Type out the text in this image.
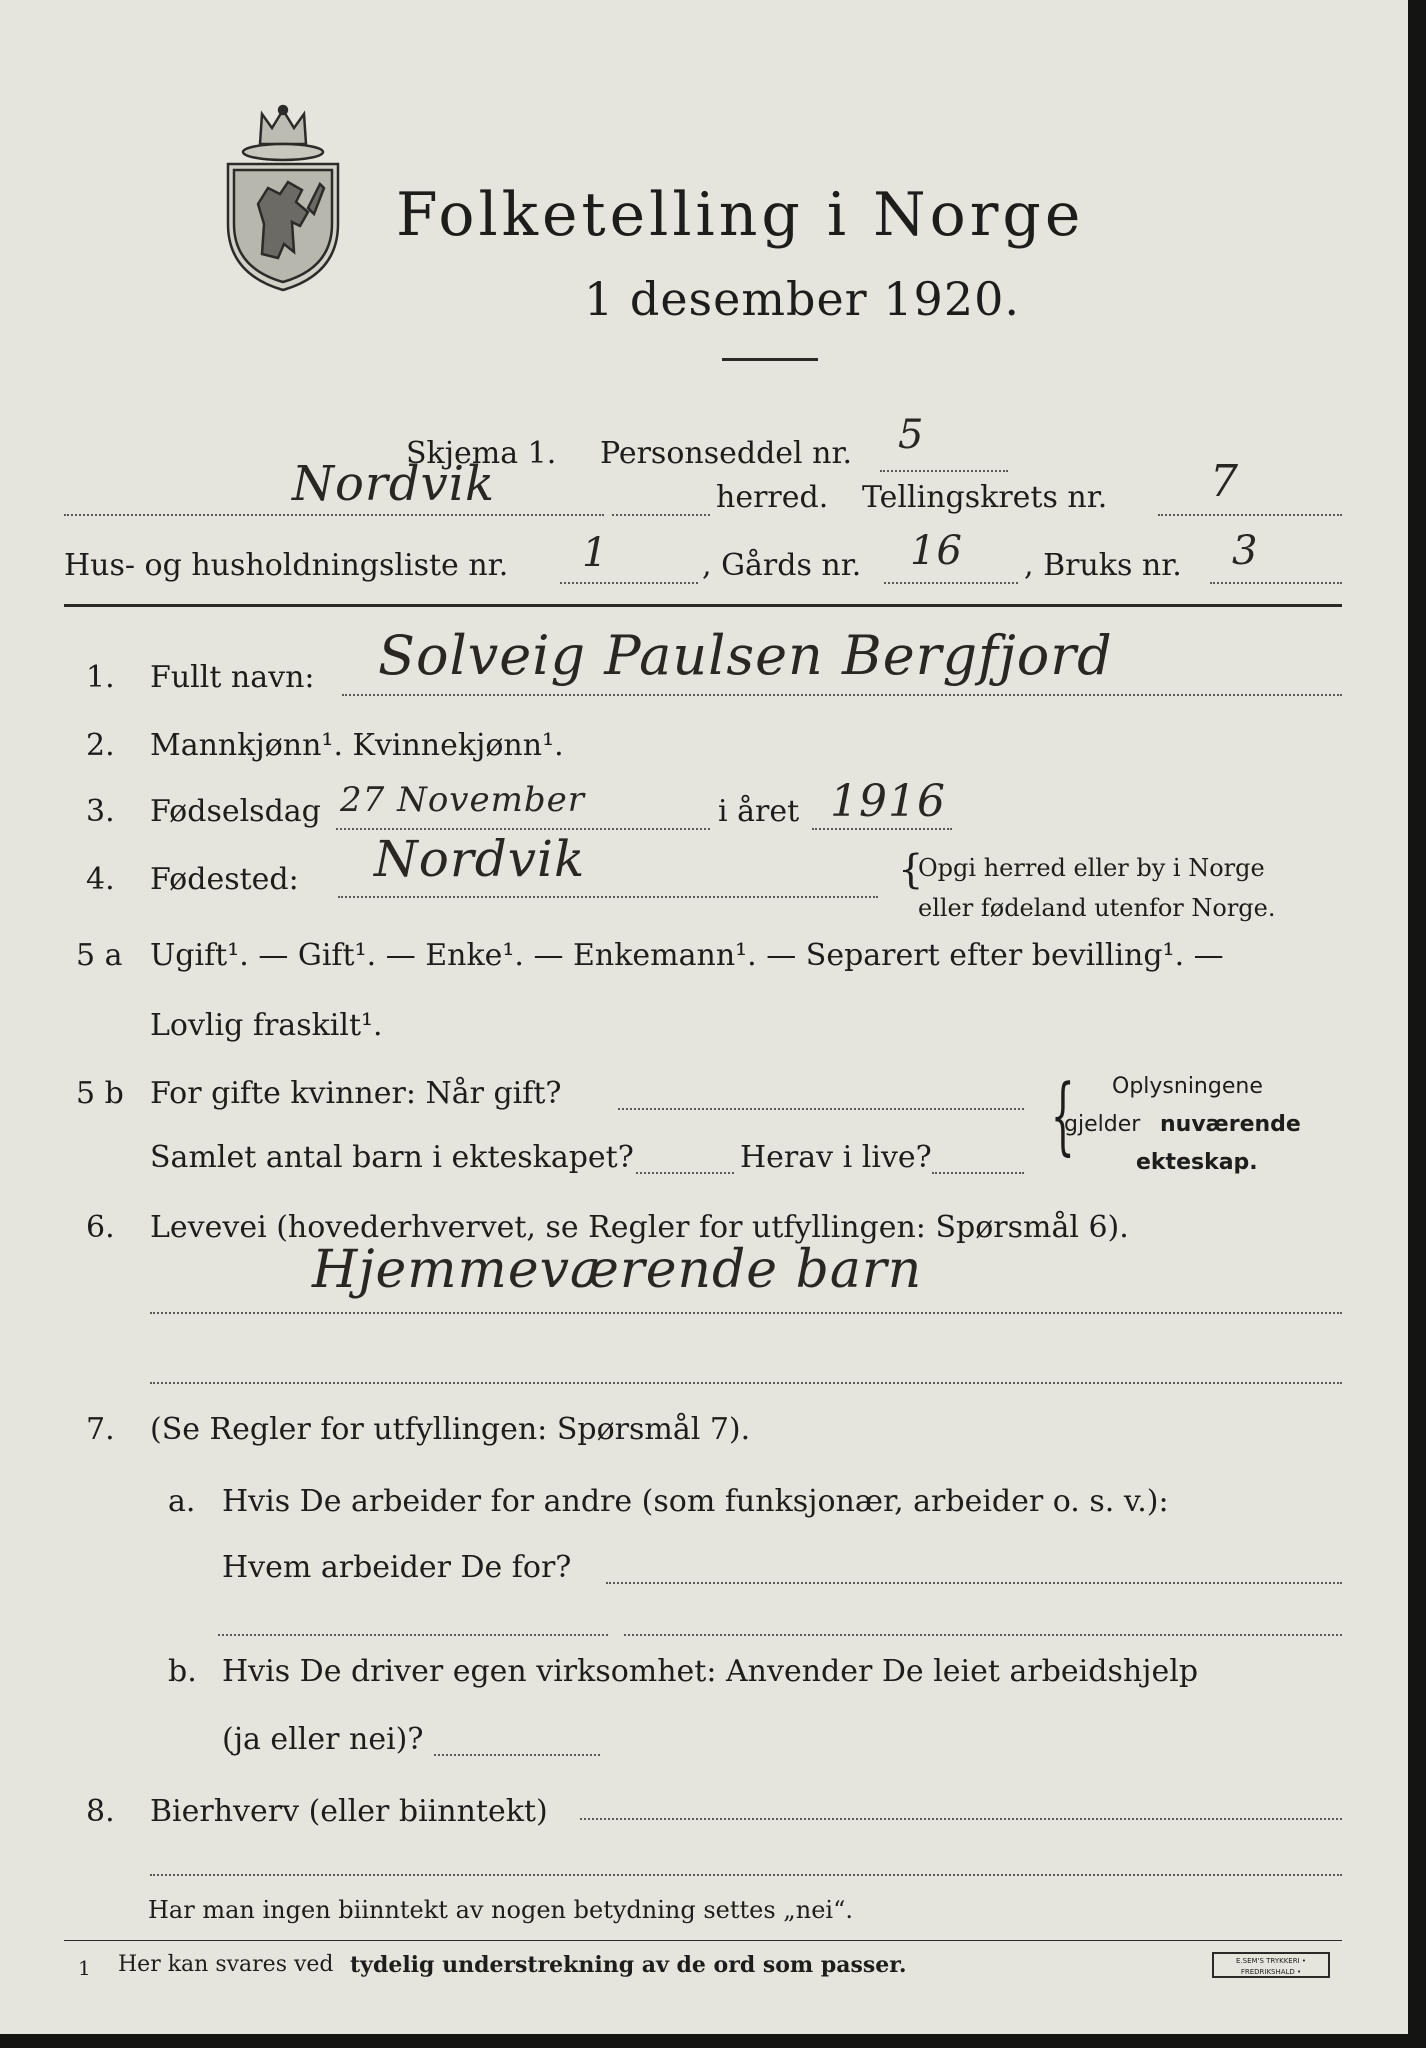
Folketelling i Norge
1 desember 1920.
Skjema 1. Personseddel nr. 5
Nordvik	herred. Tellingskrets nr. 7
Hus- og husholdningsliste nr. 1	, Gårds nr. 16 , Bruks nr. 3
1. Fullt navn: Solveig Paulsen Bergfjord
2. Mannkjønn¹. Kvinnekjønn¹.
3. Fødselsdag 27 November	i året 1916
4. Fødested: Nordvik	{
Opgi herred eller by i Norge
eller fødeland utenfor Norge.
5 a Ugift¹. — Gift¹. — Enke¹. — Enkemann¹. — Separert efter bevilling¹. —
Lovlig fraskilt¹.
5 b For gifte kvinner: Når gift?
Samlet antal barn i ekteskapet?	Herav i live? { Oplysningene
gjelder nuværende
ekteskap.
6. Levevei (hovederhvervet, se Regler for utfyllingen: Spørsmål 6).
Hjemmeværende barn
7. (Se Regler for utfyllingen: Spørsmål 7).
a. Hvis De arbeider for andre (som funksjonær, arbeider o. s. v.):
Hvem arbeider De for?
b. Hvis De driver egen virksomhet: Anvender De leiet arbeidshjelp
(ja eller nei)?
8. Bierhverv (eller biinntekt)
Har man ingen biinntekt av nogen betydning settes „nei“.
1 Her kan svares ved tydelig understrekning av de ord som passer.	E.SEM'S TRYKKERI • FREDRIKSHALD •
